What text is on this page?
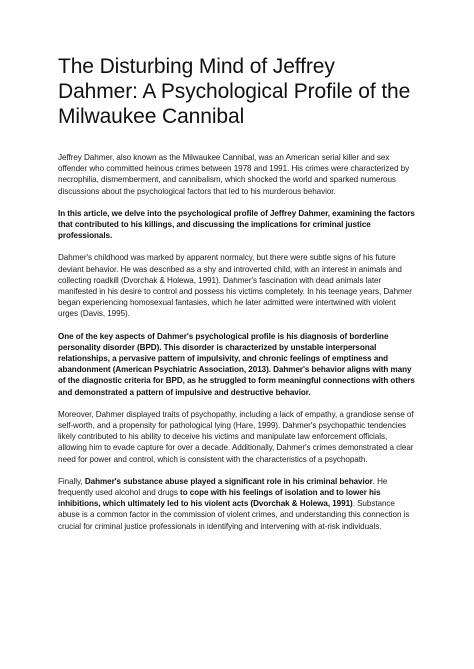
The Disturbing Mind of Jeffrey Dahmer: A Psychological Profile of the Milwaukee Cannibal

Jeffrey Dahmer, also known as the Milwaukee Cannibal, was an American serial killer and sex offender who committed heinous crimes between 1978 and 1991. His crimes were characterized by necrophilia, dismemberment, and cannibalism, which shocked the world and sparked numerous discussions about the psychological factors that led to his murderous behavior.

In this article, we delve into the psychological profile of Jeffrey Dahmer, examining the factors that contributed to his killings, and discussing the implications for criminal justice professionals.

Dahmer's childhood was marked by apparent normalcy, but there were subtle signs of his future deviant behavior. He was described as a shy and introverted child, with an interest in animals and collecting roadkill (Dvorchak & Holewa, 1991). Dahmer's fascination with dead animals later manifested in his desire to control and possess his victims completely. In his teenage years, Dahmer began experiencing homosexual fantasies, which he later admitted were intertwined with violent urges (Davis, 1995).

One of the key aspects of Dahmer's psychological profile is his diagnosis of borderline personality disorder (BPD). This disorder is characterized by unstable interpersonal relationships, a pervasive pattern of impulsivity, and chronic feelings of emptiness and abandonment (American Psychiatric Association, 2013). Dahmer's behavior aligns with many of the diagnostic criteria for BPD, as he struggled to form meaningful connections with others and demonstrated a pattern of impulsive and destructive behavior.

Moreover, Dahmer displayed traits of psychopathy, including a lack of empathy, a grandiose sense of self-worth, and a propensity for pathological lying (Hare, 1999). Dahmer's psychopathic tendencies likely contributed to his ability to deceive his victims and manipulate law enforcement officials, allowing him to evade capture for over a decade. Additionally, Dahmer's crimes demonstrated a clear need for power and control, which is consistent with the characteristics of a psychopath.

Finally, Dahmer's substance abuse played a significant role in his criminal behavior. He frequently used alcohol and drugs to cope with his feelings of isolation and to lower his inhibitions, which ultimately led to his violent acts (Dvorchak & Holewa, 1991). Substance abuse is a common factor in the commission of violent crimes, and understanding this connection is crucial for criminal justice professionals in identifying and intervening with at-risk individuals.
